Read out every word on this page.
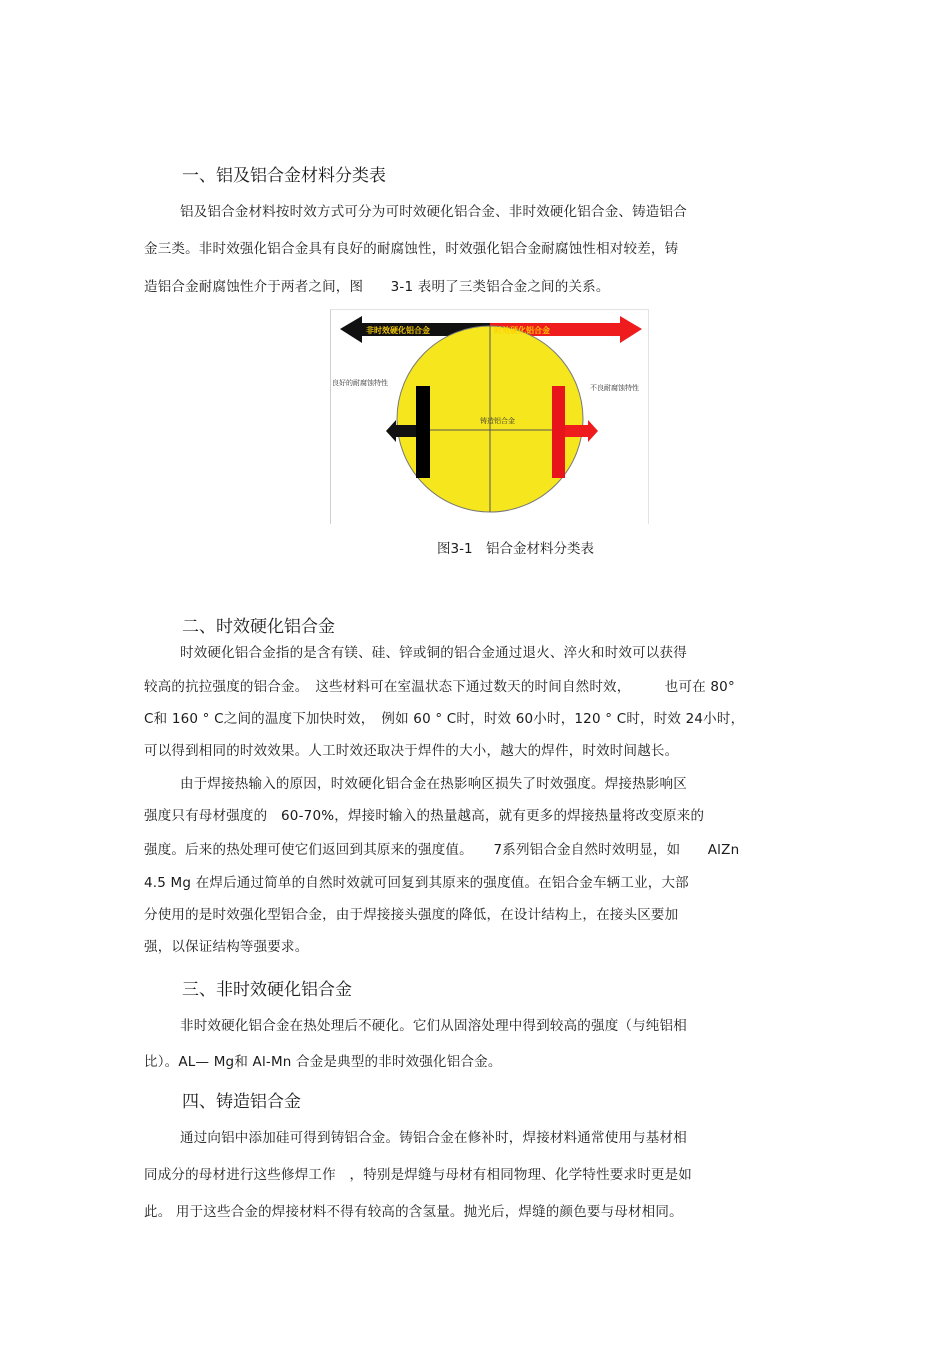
一、铝及铝合金材料分类表
铝及铝合金材料按时效方式可分为可时效硬化铝合金、非时效硬化铝合金、铸造铝合
金三类。非时效强化铝合金具有良好的耐腐蚀性，时效强化铝合金耐腐蚀性相对较差，铸
造铝合金耐腐蚀性介于两者之间，图　　3-1 表明了三类铝合金之间的关系。
非时效硬化铝合金	时效硬化铝合金
铸造铝合金
良好的耐腐蚀特性
不良耐腐蚀特性
图3-1　铝合金材料分类表
二、时效硬化铝合金
时效硬化铝合金指的是含有镁、硅、锌或铜的铝合金通过退火、淬火和时效可以获得
较高的抗拉强度的铝合金。　这些材料可在室温状态下通过数天的时间自然时效，　　　也可在 80°
C和 160 ° C之间的温度下加快时效，　例如 60 ° C时，时效 60小时，120 ° C时，时效 24小时，
可以得到相同的时效效果。人工时效还取决于焊件的大小，越大的焊件，时效时间越长。
由于焊接热输入的原因，时效硬化铝合金在热影响区损失了时效强度。焊接热影响区
强度只有母材强度的　60-70%，焊接时输入的热量越高，就有更多的焊接热量将改变原来的
强度。后来的热处理可使它们返回到其原来的强度值。　　7系列铝合金自然时效明显，如　　AlZn
4.5 Mg 在焊后通过简单的自然时效就可回复到其原来的强度值。在铝合金车辆工业，大部
分使用的是时效强化型铝合金，由于焊接接头强度的降低，在设计结构上，在接头区要加
强，以保证结构等强要求。
三、非时效硬化铝合金
非时效硬化铝合金在热处理后不硬化。它们从固溶处理中得到较高的强度（与纯铝相
比）。AL— Mg和 Al-Mn 合金是典型的非时效强化铝合金。
四、铸造铝合金
通过向铝中添加硅可得到铸铝合金。铸铝合金在修补时，焊接材料通常使用与基材相
同成分的母材进行这些修焊工作　，特别是焊缝与母材有相同物理、化学特性要求时更是如
此。 用于这些合金的焊接材料不得有较高的含氢量。抛光后，焊缝的颜色要与母材相同。
